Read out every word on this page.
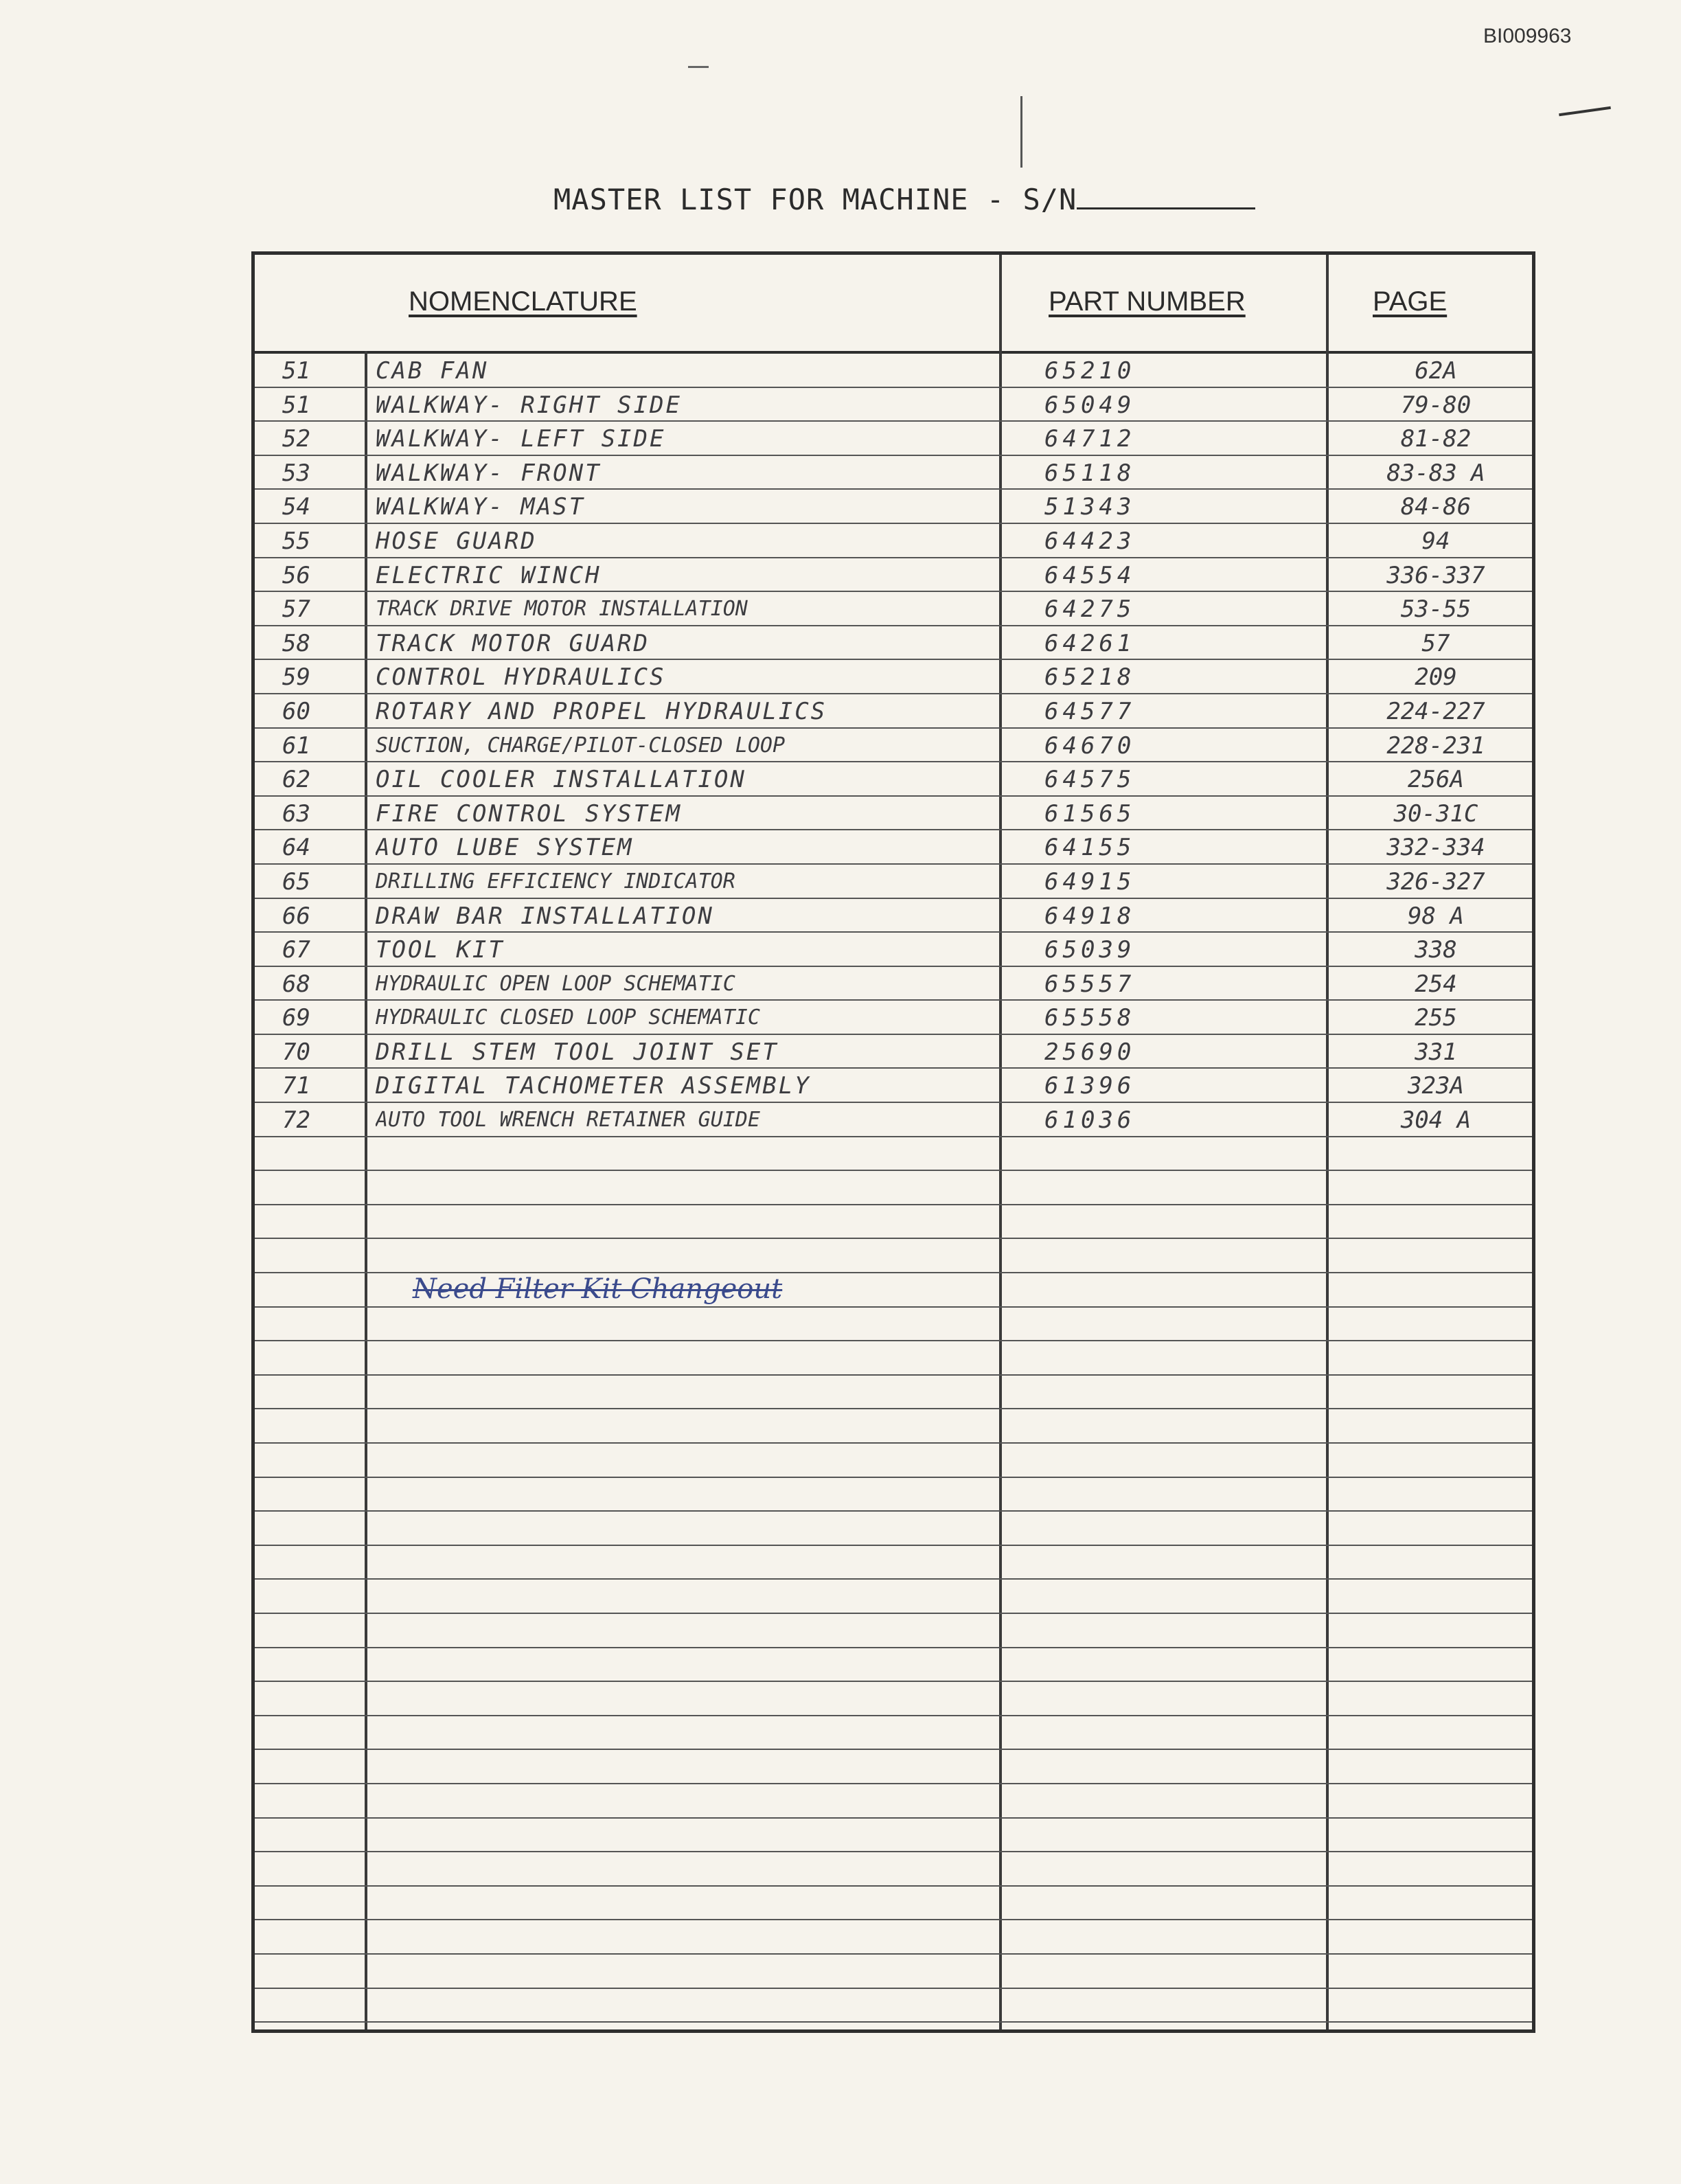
BI009963
MASTER LIST FOR MACHINE - S/N
NOMENCLATURE	PART NUMBER	PAGE
51	CAB FAN	65210	62A
51	WALKWAY- RIGHT SIDE	65049	79-80
52	WALKWAY- LEFT SIDE	64712	81-82
53	WALKWAY- FRONT	65118	83-83 A
54	WALKWAY- MAST	51343	84-86
55	HOSE GUARD	64423	94
56	ELECTRIC WINCH	64554	336-337
57	TRACK DRIVE MOTOR INSTALLATION	64275	53-55
58	TRACK MOTOR GUARD	64261	57
59	CONTROL HYDRAULICS	65218	209
60	ROTARY AND PROPEL HYDRAULICS	64577	224-227
61	SUCTION, CHARGE/PILOT-CLOSED LOOP	64670	228-231
62	OIL COOLER INSTALLATION	64575	256A
63	FIRE CONTROL SYSTEM	61565	30-31C
64	AUTO LUBE SYSTEM	64155	332-334
65	DRILLING EFFICIENCY INDICATOR	64915	326-327
66	DRAW BAR INSTALLATION	64918	98 A
67	TOOL KIT	65039	338
68	HYDRAULIC OPEN LOOP SCHEMATIC	65557	254
69	HYDRAULIC CLOSED LOOP SCHEMATIC	65558	255
70	DRILL STEM TOOL JOINT SET	25690	331
71	DIGITAL TACHOMETER ASSEMBLY	61396	323A
72	AUTO TOOL WRENCH RETAINER GUIDE	61036	304 A
Need Filter Kit Changeout
